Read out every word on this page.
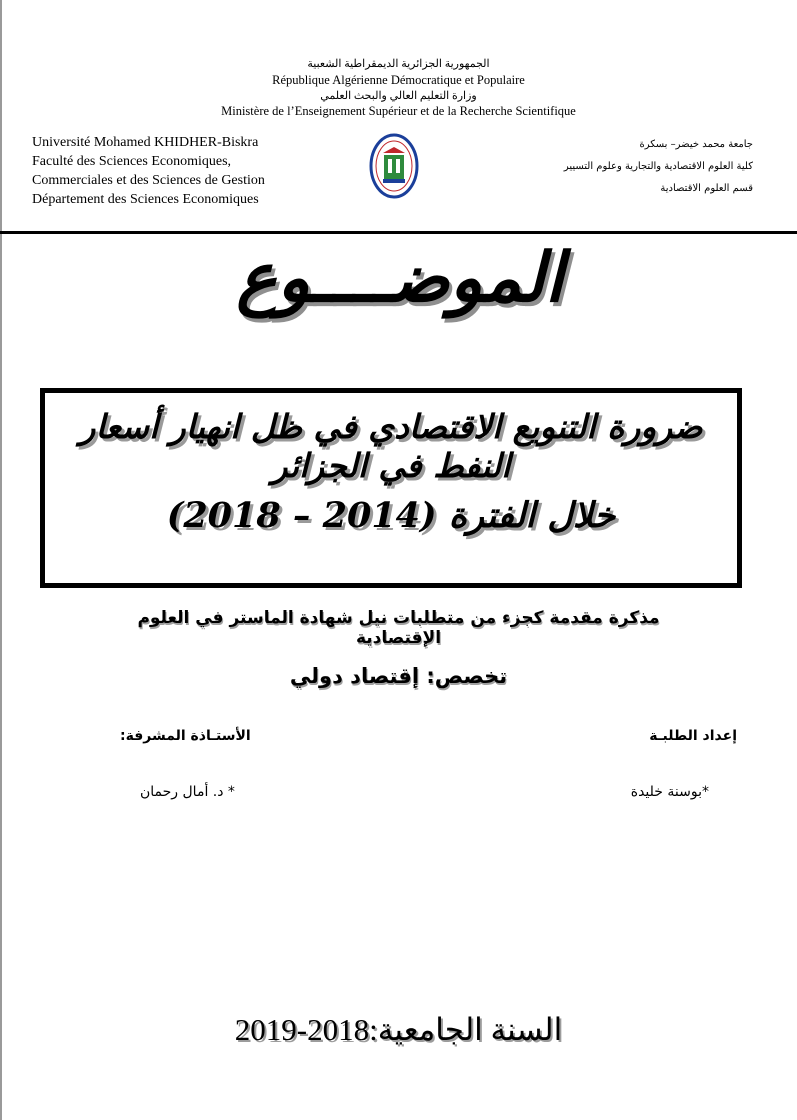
الجمهورية الجزائرية الديمقراطية الشعبية
République Algérienne Démocratique et Populaire
وزارة التعليم العالي والبحث العلمي
Ministère de l’Enseignement Supérieur et de la Recherche Scientifique
Université Mohamed KHIDHER-Biskra
Faculté des Sciences Economiques,
Commerciales et des Sciences de Gestion
Département des Sciences Economiques
جامعة محمد خيضر– بسكرة
كلية العلوم الاقتصادية والتجارية وعلوم التسيير
قسم العلوم الاقتصادية
الموضــــوع
ضرورة التنويع الاقتصادي في ظل انهيار أسعار النفط في الجزائر
خلال الفترة (2014 – 2018)
مذكرة مقدمة كجزء من متطلبات نيل شهادة الماستر في العلوم الإقتصادية
تخصص: إقتصاد دولي
إعداد الطلبـة
الأستـاذة المشرفة:
*بوسنة خليدة
* د. أمال رحمان
السنة الجامعية:2018-2019
